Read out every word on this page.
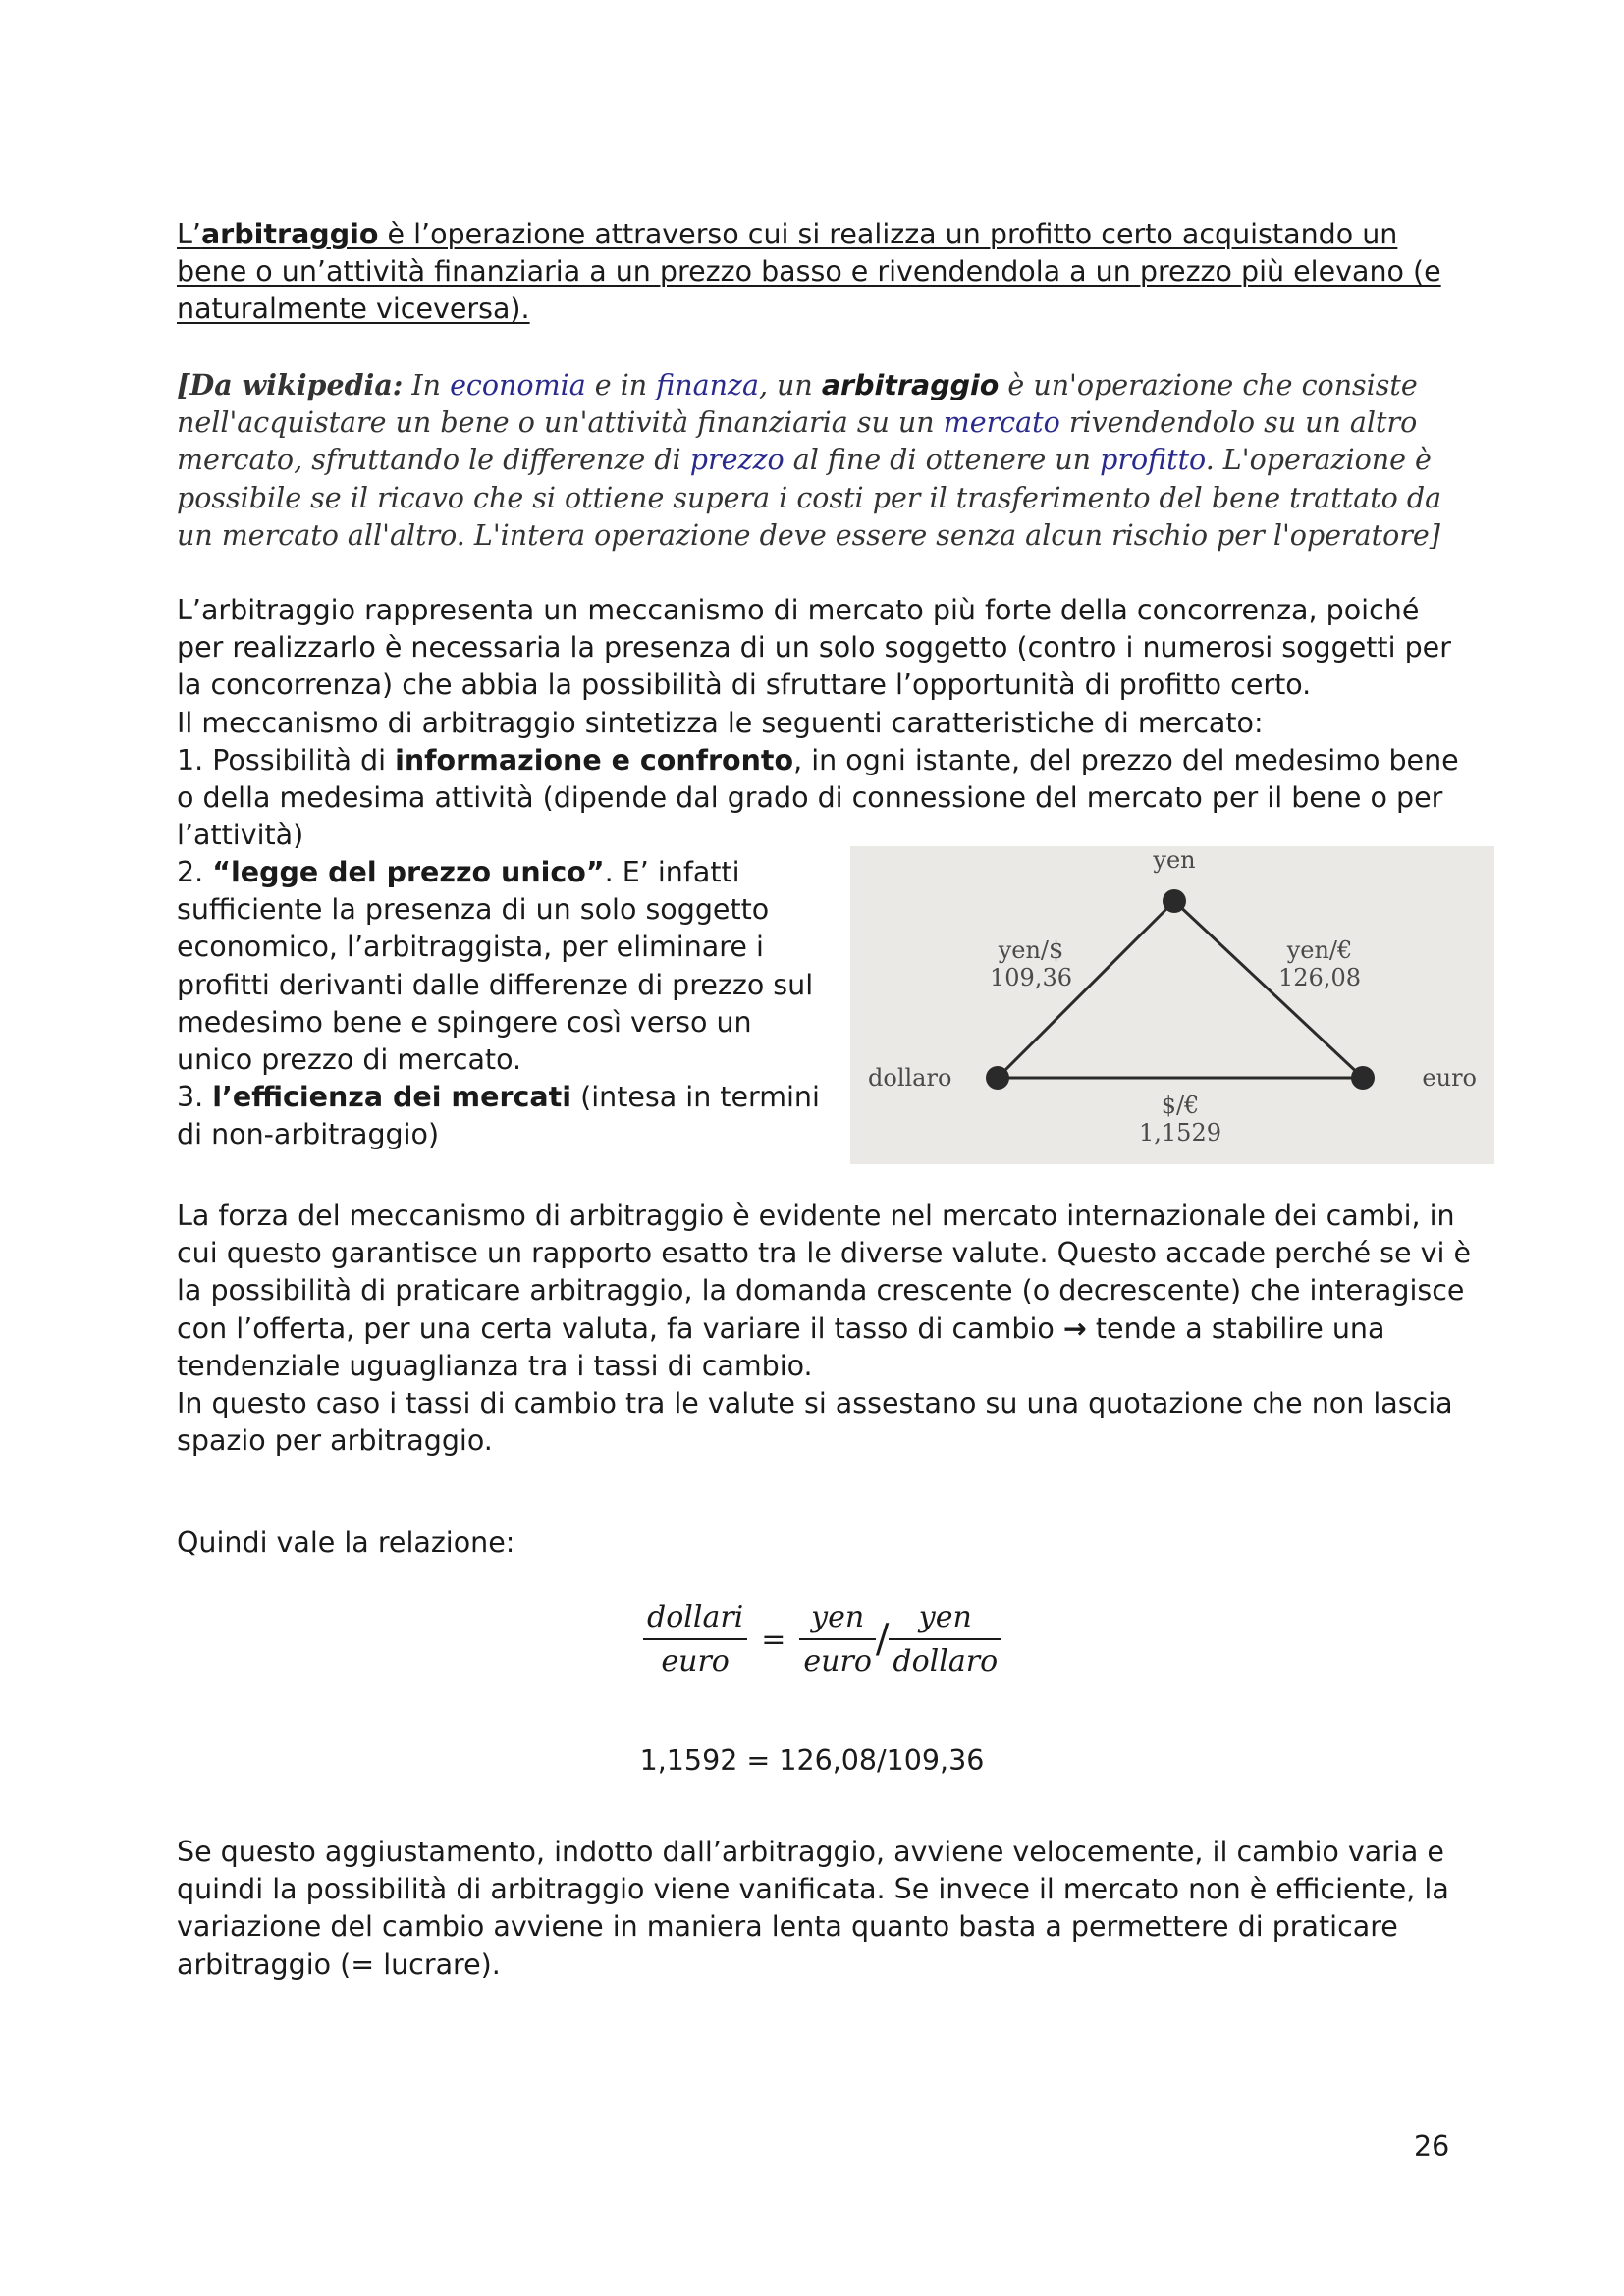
L’arbitraggio è l’operazione attraverso cui si realizza un profitto certo acquistando un bene o un’attività finanziaria a un prezzo basso e rivendendola a un prezzo più elevano (e naturalmente viceversa).

[Da wikipedia: In economia e in finanza, un arbitraggio è un'operazione che consiste nell'acquistare un bene o un'attività finanziaria su un mercato rivendendolo su un altro mercato, sfruttando le differenze di prezzo al fine di ottenere un profitto. L'operazione è possibile se il ricavo che si ottiene supera i costi per il trasferimento del bene trattato da un mercato all'altro. L'intera operazione deve essere senza alcun rischio per l'operatore]

L’arbitraggio rappresenta un meccanismo di mercato più forte della concorrenza, poiché per realizzarlo è necessaria la presenza di un solo soggetto (contro i numerosi soggetti per la concorrenza) che abbia la possibilità di sfruttare l’opportunità di profitto certo.
Il meccanismo di arbitraggio sintetizza le seguenti caratteristiche di mercato:
1. Possibilità di informazione e confronto, in ogni istante, del prezzo del medesimo bene o della medesima attività (dipende dal grado di connessione del mercato per il bene o per l’attività)
2. “legge del prezzo unico”. E’ infatti sufficiente la presenza di un solo soggetto economico, l’arbitraggista, per eliminare i profitti derivanti dalle differenze di prezzo sul medesimo bene e spingere così verso un unico prezzo di mercato.
3. l’efficienza dei mercati (intesa in termini di non-arbitraggio)
yen
dollaro	euro
yen/$
109,36
yen/€
126,08
$/€
1,1529
La forza del meccanismo di arbitraggio è evidente nel mercato internazionale dei cambi, in cui questo garantisce un rapporto esatto tra le diverse valute. Questo accade perché se vi è la possibilità di praticare arbitraggio, la domanda crescente (o decrescente) che interagisce con l’offerta, per una certa valuta, fa variare il tasso di cambio → tende a stabilire una tendenziale uguaglianza tra i tassi di cambio.
In questo caso i tassi di cambio tra le valute si assestano su una quotazione che non lascia spazio per arbitraggio.

Quindi vale la relazione:

$\frac{\text{dollari}}{\text{euro}} = \frac{\text{yen}}{\text{euro}} / \frac{\text{yen}}{\text{dollaro}}$

1,1592 = 126,08/109,36

Se questo aggiustamento, indotto dall’arbitraggio, avviene velocemente, il cambio varia e quindi la possibilità di arbitraggio viene vanificata. Se invece il mercato non è efficiente, la variazione del cambio avviene in maniera lenta quanto basta a permettere di praticare arbitraggio (= lucrare).

26
